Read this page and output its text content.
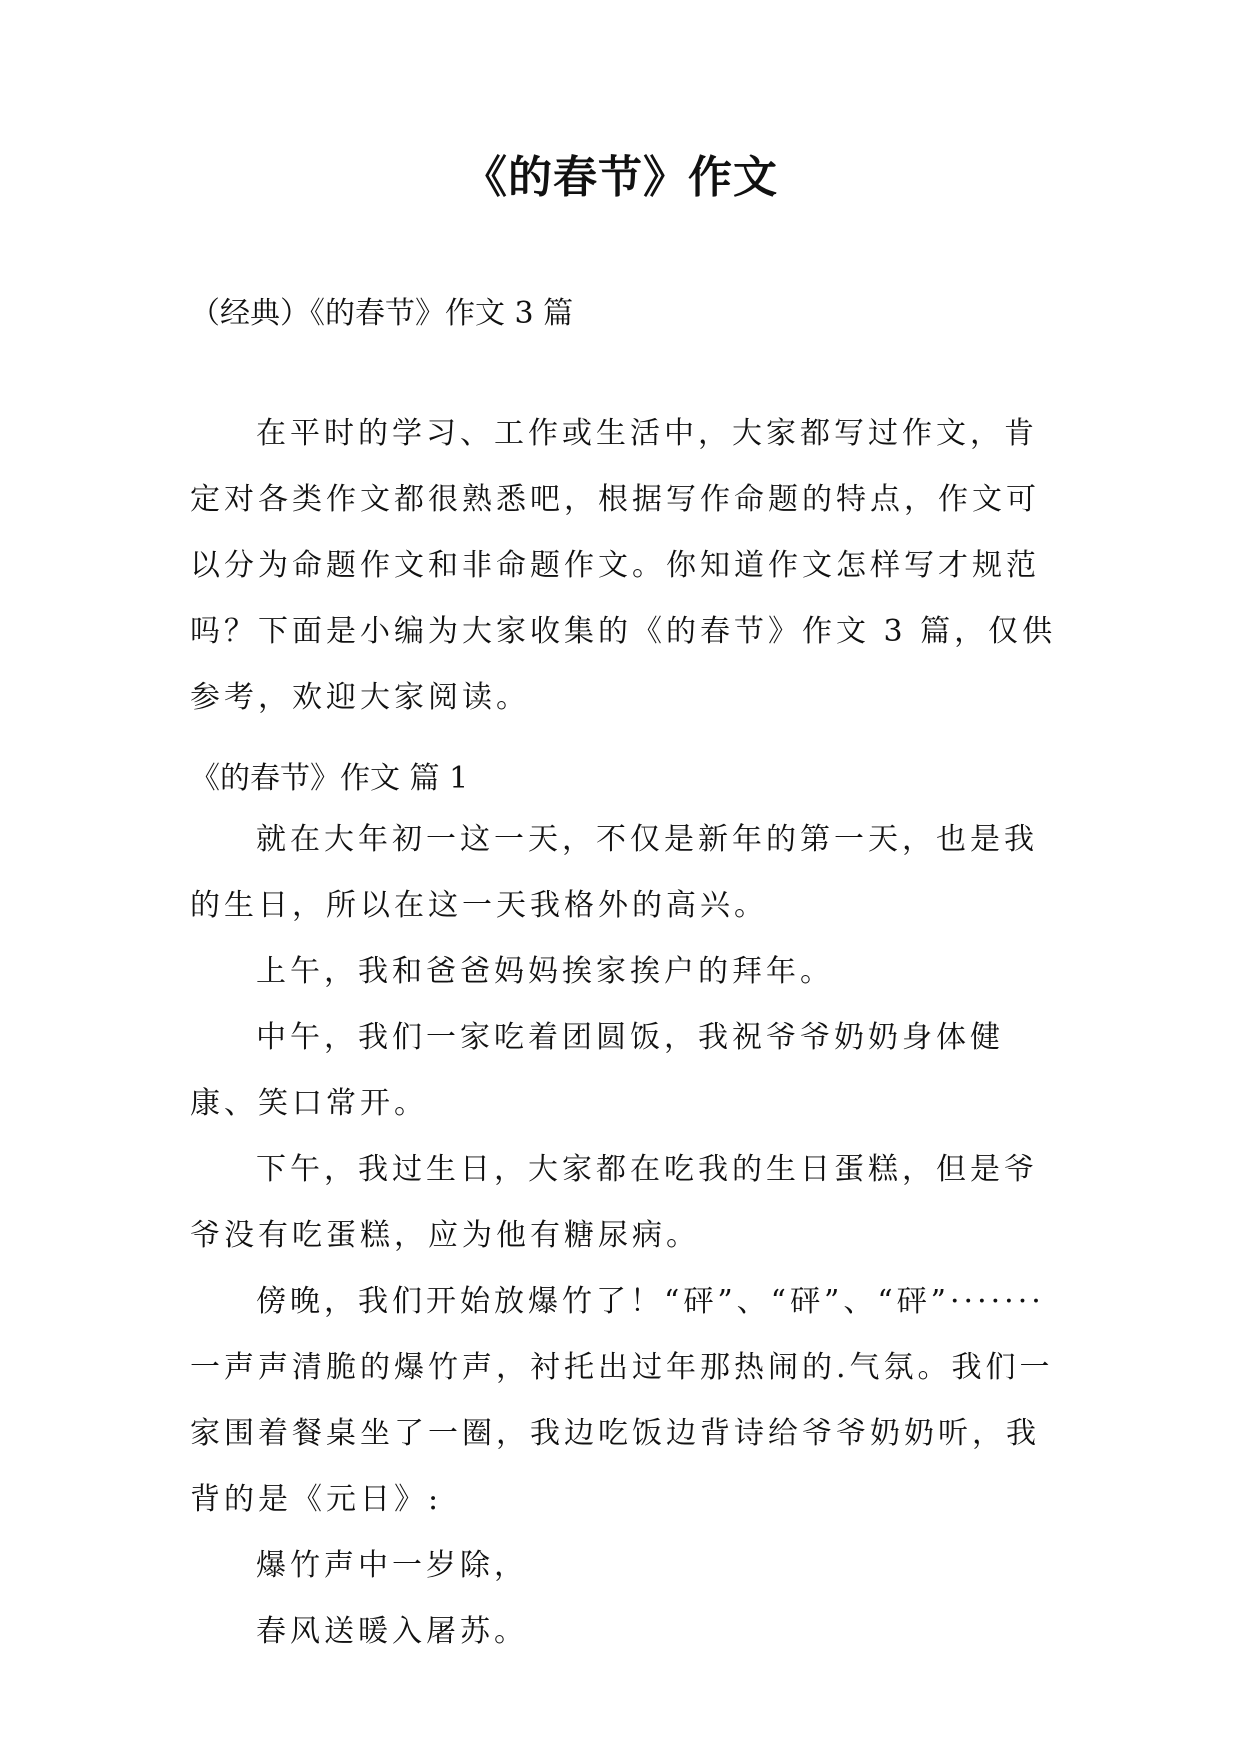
《的春节》作文
（经典）《的春节》作文 3 篇

在平时的学习、工作或生活中，大家都写过作文，肯定对各类作文都很熟悉吧，根据写作命题的特点，作文可以分为命题作文和非命题作文。你知道作文怎样写才规范吗？下面是小编为大家收集的《的春节》作文 3 篇，仅供参考，欢迎大家阅读。

《的春节》作文 篇 1

就在大年初一这一天，不仅是新年的第一天，也是我的生日，所以在这一天我格外的高兴。

上午，我和爸爸妈妈挨家挨户的拜年。

中午，我们一家吃着团圆饭，我祝爷爷奶奶身体健康、笑口常开。

下午，我过生日，大家都在吃我的生日蛋糕，但是爷爷没有吃蛋糕，应为他有糖尿病。

傍晚，我们开始放爆竹了！“砰”、“砰”、“砰”·······一声声清脆的爆竹声，衬托出过年那热闹的.气氛。我们一家围着餐桌坐了一圈，我边吃饭边背诗给爷爷奶奶听，我背的是《元日》:

爆竹声中一岁除，

春风送暖入屠苏。
